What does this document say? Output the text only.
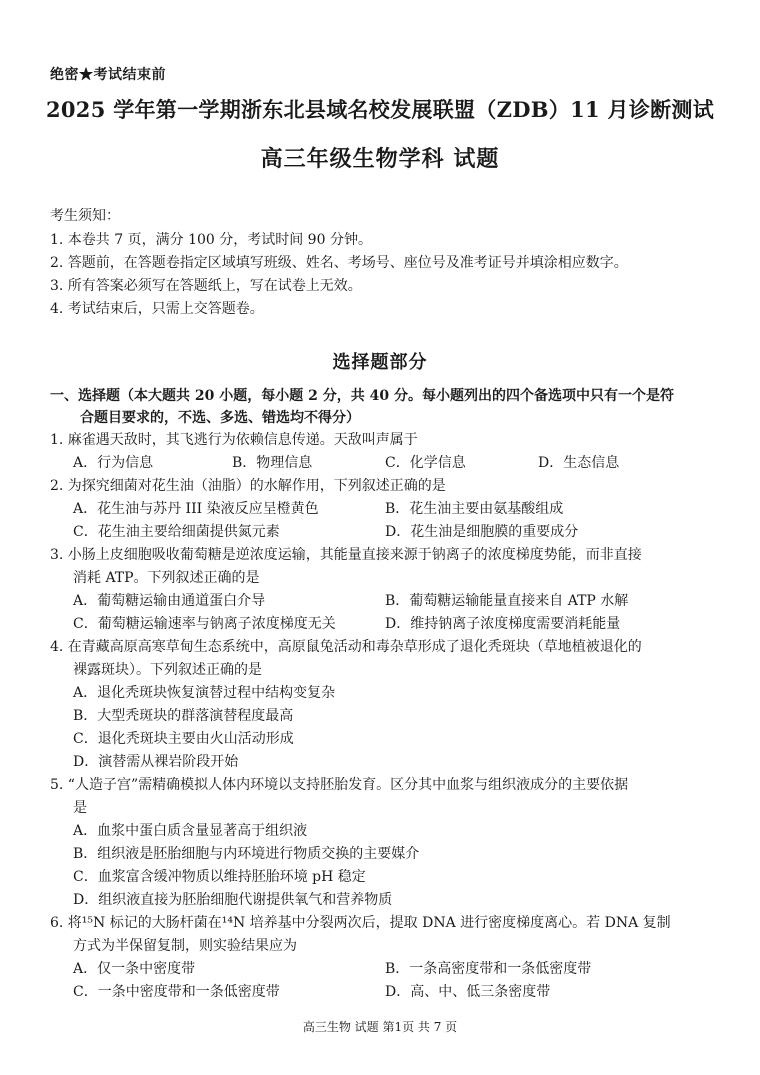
绝密★考试结束前
2025 学年第一学期浙东北县域名校发展联盟（ZDB）11 月诊断测试
高三年级生物学科 试题
考生须知：
1. 本卷共 7 页，满分 100 分，考试时间 90 分钟。
2. 答题前，在答题卷指定区域填写班级、姓名、考场号、座位号及准考证号并填涂相应数字。
3. 所有答案必须写在答题纸上，写在试卷上无效。
4. 考试结束后，只需上交答题卷。
选择题部分
一、选择题（本大题共 20 小题，每小题 2 分，共 40 分。每小题列出的四个备选项中只有一个是符
合题目要求的，不选、多选、错选均不得分）
1. 麻雀遇天敌时，其飞逃行为依赖信息传递。天敌叫声属于
A．行为信息	B．物理信息	C．化学信息	D．生态信息
2. 为探究细菌对花生油（油脂）的水解作用，下列叙述正确的是
A．花生油与苏丹 III 染液反应呈橙黄色	B．花生油主要由氨基酸组成
C．花生油主要给细菌提供氮元素	D．花生油是细胞膜的重要成分
3. 小肠上皮细胞吸收葡萄糖是逆浓度运输，其能量直接来源于钠离子的浓度梯度势能，而非直接
消耗 ATP。下列叙述正确的是
A．葡萄糖运输由通道蛋白介导	B．葡萄糖运输能量直接来自 ATP 水解
C．葡萄糖运输速率与钠离子浓度梯度无关	D．维持钠离子浓度梯度需要消耗能量
4. 在青藏高原高寒草甸生态系统中，高原鼠兔活动和毒杂草形成了退化秃斑块（草地植被退化的
裸露斑块）。下列叙述正确的是
A．退化秃斑块恢复演替过程中结构变复杂
B．大型秃斑块的群落演替程度最高
C．退化秃斑块主要由火山活动形成
D．演替需从裸岩阶段开始
5. “人造子宫”需精确模拟人体内环境以支持胚胎发育。区分其中血浆与组织液成分的主要依据
是
A．血浆中蛋白质含量显著高于组织液
B．组织液是胚胎细胞与内环境进行物质交换的主要媒介
C．血浆富含缓冲物质以维持胚胎环境 pH 稳定
D．组织液直接为胚胎细胞代谢提供氧气和营养物质
6. 将¹⁵N 标记的大肠杆菌在¹⁴N 培养基中分裂两次后，提取 DNA 进行密度梯度离心。若 DNA 复制
方式为半保留复制，则实验结果应为
A．仅一条中密度带	B．一条高密度带和一条低密度带
C．一条中密度带和一条低密度带	D．高、中、低三条密度带
高三生物 试题 第1页 共 7 页
